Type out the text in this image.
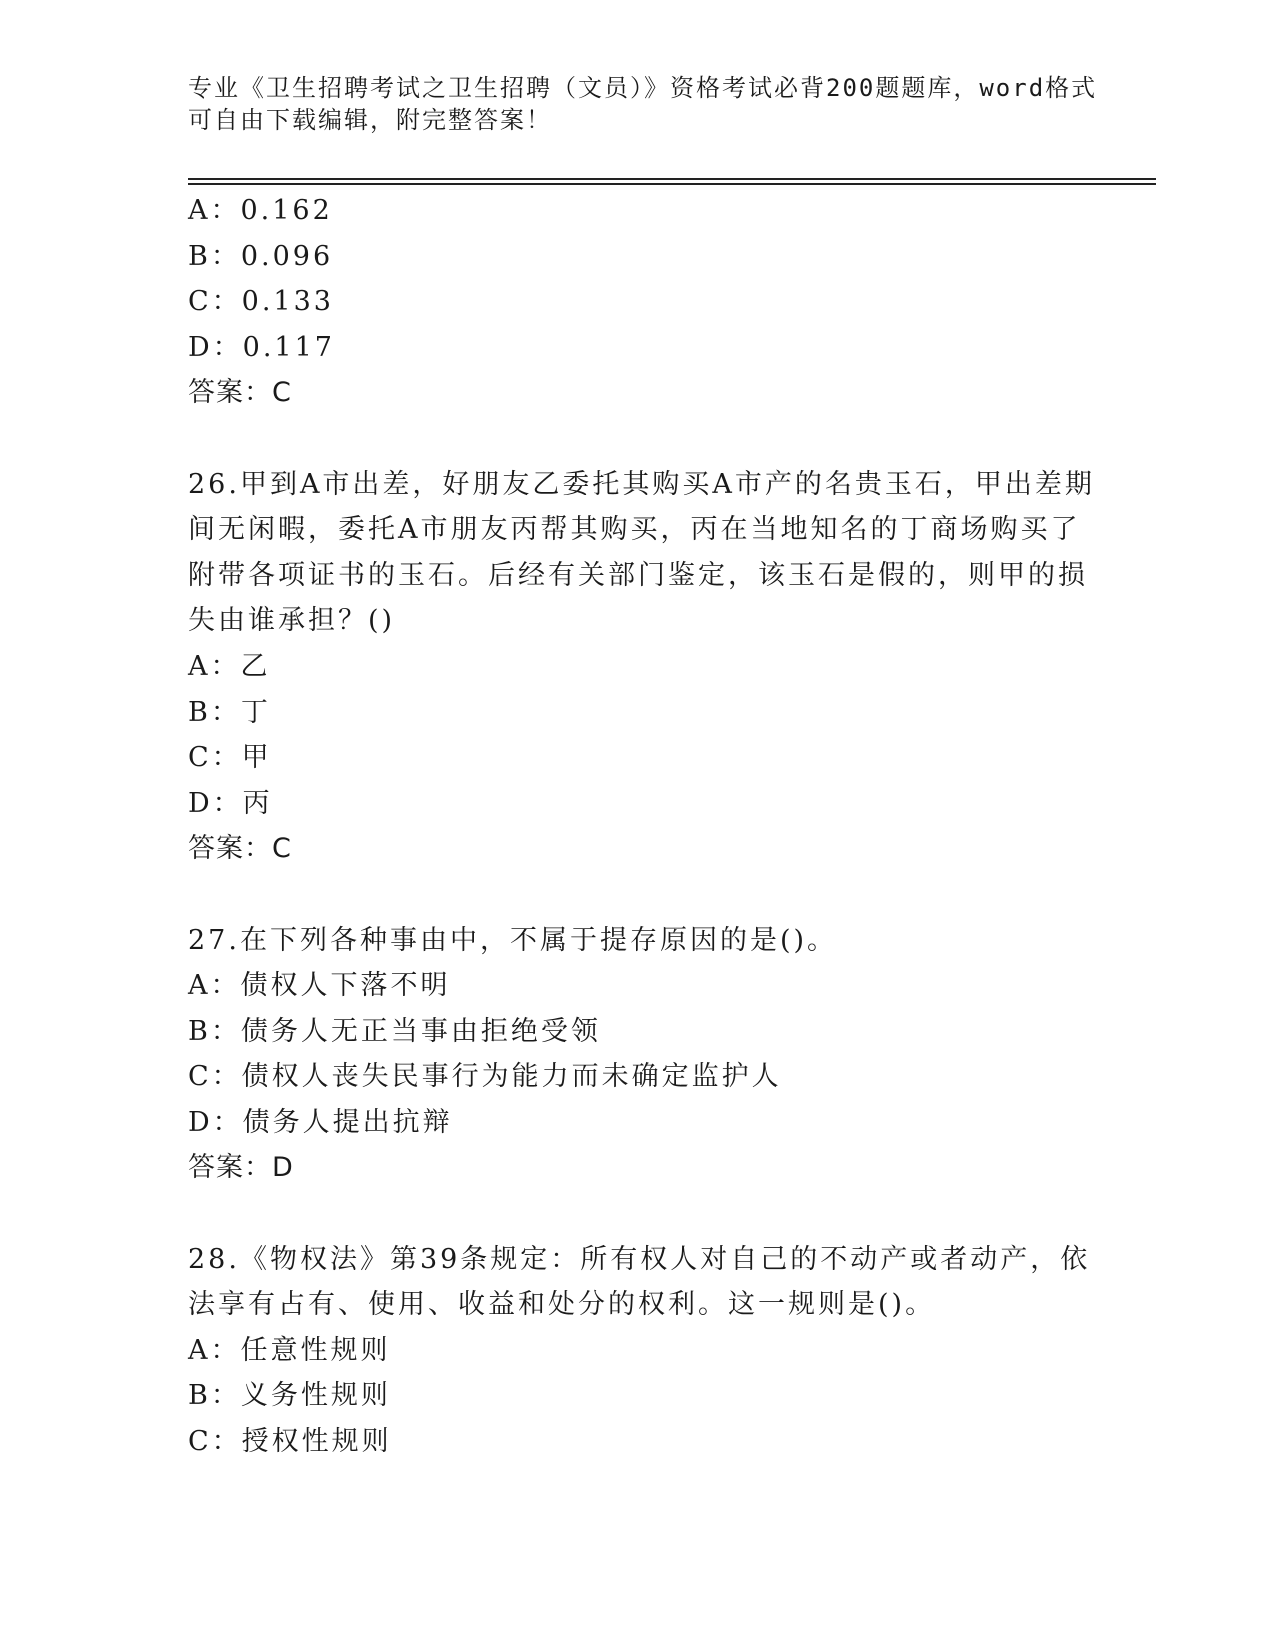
专业《卫生招聘考试之卫生招聘（文员）》资格考试必背200题题库，word格式
可自由下载编辑，附完整答案！
A：0.162
B：0.096
C：0.133
D：0.117
答案：C
26.甲到A市出差，好朋友乙委托其购买A市产的名贵玉石，甲出差期
间无闲暇，委托A市朋友丙帮其购买，丙在当地知名的丁商场购买了
附带各项证书的玉石。后经有关部门鉴定，该玉石是假的，则甲的损
失由谁承担？()
A：乙
B：丁
C：甲
D：丙
答案：C
27.在下列各种事由中，不属于提存原因的是()。
A：债权人下落不明
B：债务人无正当事由拒绝受领
C：债权人丧失民事行为能力而未确定监护人
D：债务人提出抗辩
答案：D
28.《物权法》第39条规定：所有权人对自己的不动产或者动产，依
法享有占有、使用、收益和处分的权利。这一规则是()。
A：任意性规则
B：义务性规则
C：授权性规则
